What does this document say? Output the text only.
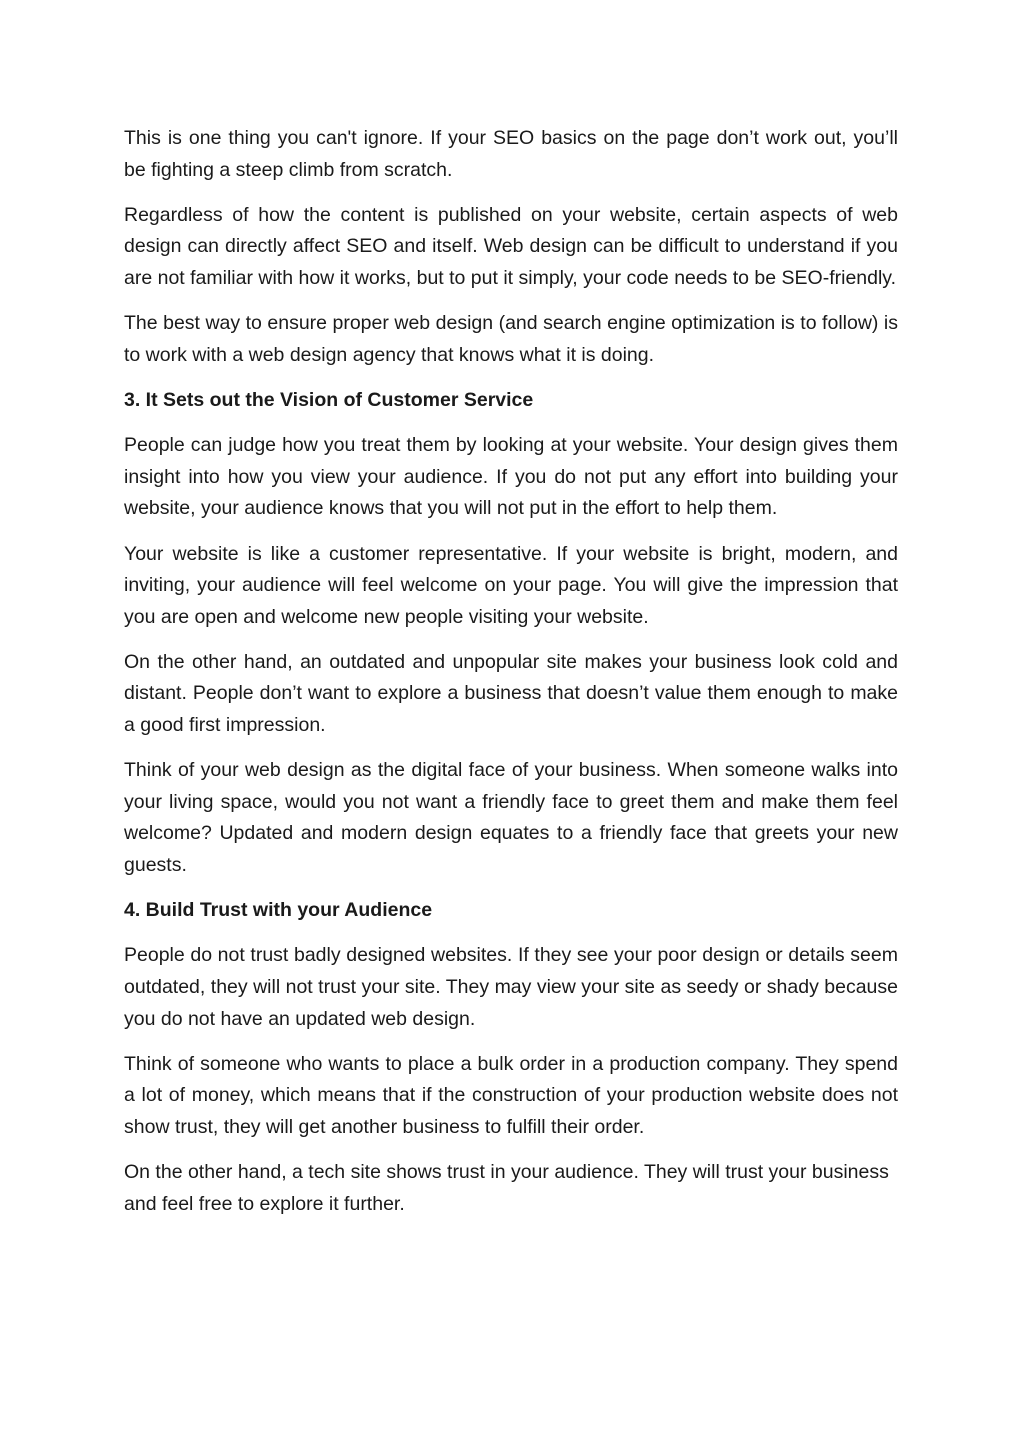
This is one thing you can't ignore. If your SEO basics on the page don’t work out, you’ll be fighting a steep climb from scratch.

Regardless of how the content is published on your website, certain aspects of web design can directly affect SEO and itself. Web design can be difficult to understand if you are not familiar with how it works, but to put it simply, your code needs to be SEO-friendly.

The best way to ensure proper web design (and search engine optimization is to follow) is to work with a web design agency that knows what it is doing.

3. It Sets out the Vision of Customer Service

People can judge how you treat them by looking at your website. Your design gives them insight into how you view your audience. If you do not put any effort into building your website, your audience knows that you will not put in the effort to help them.

Your website is like a customer representative. If your website is bright, modern, and inviting, your audience will feel welcome on your page. You will give the impression that you are open and welcome new people visiting your website.

On the other hand, an outdated and unpopular site makes your business look cold and distant. People don’t want to explore a business that doesn’t value them enough to make a good first impression.

Think of your web design as the digital face of your business. When someone walks into your living space, would you not want a friendly face to greet them and make them feel welcome? Updated and modern design equates to a friendly face that greets your new guests.

4. Build Trust with your Audience

People do not trust badly designed websites. If they see your poor design or details seem outdated, they will not trust your site. They may view your site as seedy or shady because you do not have an updated web design.

Think of someone who wants to place a bulk order in a production company. They spend a lot of money, which means that if the construction of your production website does not show trust, they will get another business to fulfill their order.

On the other hand, a tech site shows trust in your audience. They will trust your business and feel free to explore it further.
